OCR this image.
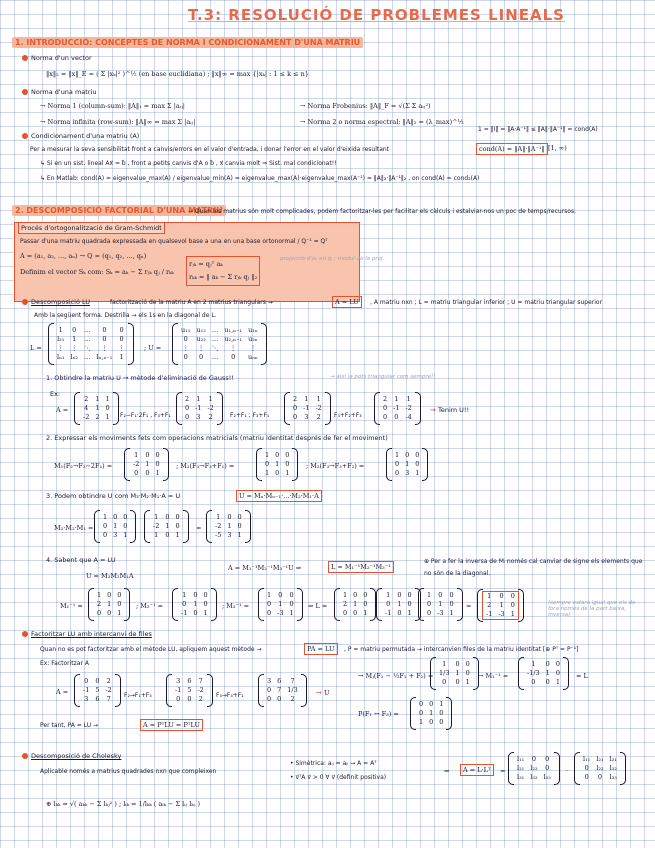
T.3: RESOLUCIÓ DE PROBLEMES LINEALS
1. INTRODUCCIÓ: CONCEPTES DE NORMA I CONDICIONAMENT D'UNA MATRIU
Norma d'un vector
‖x‖₂ = ‖x‖_E = ( Σ |xₖ|² )^½ (en base euclidiana) ; ‖x‖∞ = max {|xₖ| : 1 ≤ k ≤ n}
Norma d'una matriu
→ Norma 1 (column-sum): ‖A‖₁ = max Σ |aᵢⱼ|	→ Norma Frobenius: ‖A‖_F = √(Σ Σ aᵢⱼ²)
→ Norma infinita (row-sum): ‖A‖∞ = max Σ |aᵢⱼ|	→ Norma 2 o norma espectral: ‖A‖₂ = (λ_max)^½
1 = ‖I‖ = ‖A·A⁻¹‖ ≤ ‖A‖·‖A⁻¹‖ = cond(A)
Condicionament d'una matriu (A)
Per a mesurar la seva sensibilitat front a canvis/errors en el valor d'entrada, i donar l'error en el valor d'eixida resultant	cond(A) = ‖A‖·‖A⁻¹‖ [1, ∞)
↳ Si en un sist. lineal Ax⃗ = b⃗ , front a petits canvis d'A o b⃗ , x⃗ canvia molt ⇒ Sist. mal condicionat!!
↳ En Matlab: cond(A) = eigenvalue_max(A) / eigenvalue_min(A) = eigenvalue_max(A)·eigenvalue_max(A⁻¹) = ‖A‖₂·‖A⁻¹‖₂ , on cond(A) = cond₂(A)
2. DESCOMPOSICIÓ FACTORIAL D'UNA MATRIU
→ Quan les matrius són molt complicades, podem factoritzar-les per facilitar els càlculs i estalviar-nos un poc de temps/recursos.
Procés d'ortogonalització de Gram-Schmidt
Passar d'una matriu quadrada expressada en qualsevol base a una en una base ortonormal / Q⁻¹ = Qᵀ
A = (a₁, a₂, ..., aₙ) → Q = (q₁, q₂, ..., qₙ)
Definim el vector Sₖ com: Sₖ = aₖ − Σ rⱼₖ qⱼ / rₖₖ
rⱼₖ = qⱼᵀ aₖ
rₖₖ = ‖ aₖ − Σ rⱼₖ qⱼ ‖₂
projecció d'aₖ en qⱼ ; mòdul de la proj.
Descomposició LU	factorització de la matriu A en 2 matrius triangulars →	A = LU	, A matriu nxn ; L = matriu triangular inferior ; U = matriu triangular superior
Amb la següent forma. Destrilla → els 1s en la diagonal de L.
L =
1	0	…	0	0
l₂₁	1	…	0	0
⋮	⋮	⋱	⋮	⋮
lₙ₁	lₙ₂	…	lₙ,ₙ₋₁	1
; U =
u₁₁	u₁₂	…	u₁,ₙ₋₁	u₁ₙ
0	u₂₂	…	u₂,ₙ₋₁	u₂ₙ
⋮	⋮	⋱	⋮	⋮
0	0	…	0	uₙₙ
1. Obtindre la matriu U → mètode d'eliminació de Gauss!!	→ així ja pots triangular com sempre!!
Ex:
A =
2	1	1
4	1	0
-2	2	1 F₂−F₁·2F₁ , F₃+F₁
2	1	1
0	-1	-2
0	3	2	F₂+F₁ ; F₃+F₁
2	1	1
0	-1	-2
0	3	2 F₃+F₂+F₃
2	1	1
0	-1	-2
0	0	-4
→ Tenim U!!
2. Expressar els moviments fets com operacions matricials (matriu identitat després de fer el moviment)
M₁(F₂→F₂−2F₁) =
1	0	0
-2	1	0
0	0	1
; M₂(F₃→F₃+F₁) =
1	0	0
0	1	0
1	0	1
; M₃(F₃→F₃+F₂) =
1	0	0
0	1	0
0	3	1
3. Podem obtindre U com M₃·M₂·M₁·A = U	U = Mₙ·Mₙ₋₁·...·M₂·M₁·A
M₃·M₂·M₁ =
1	0	0
0	1	0
0	3	1
1	0	0
-2	1	0
1	0	1
=
1	0	0
-2	1	0
-5	3	1
4. Sabent que A = LU
U = M₃M₂M₁A
A = M₁⁻¹M₂⁻¹M₃⁻¹U ⇒	L = M₁⁻¹M₂⁻¹M₃⁻¹
⊕ Per a fer la inversa de Mᵢ només cal canviar de signe els elements que no són de la diagonal.
M₁⁻¹ =
1	0	0
2	1	0
0	0	1
; M₂⁻¹ =
1	0	0
0	1	0
-1	0	1
; M₃⁻¹ =
1	0	0
0	1	0
0	-3	1
⇒ L =
1	0	0
2	1	0
0	0	1
1	0	0
0	1	0
-1	0	1
1	0	0
0	1	0
0	-3	1
=
1	0	0
2	1	0
-1	-3	1
(sempre estarà igual que els de fora només de la part baixa, inversa)
Factoritzar LU amb intercanvi de files
Quan no es pot factoritzar amb el mètode LU, apliquem aquest mètode →	PA = LU	, P = matriu permutada → intercanvien files de la matriu identitat [⊕ Pᵀ = P⁻¹]
Ex: Factoritzar A
A =
0	0	2
-1	5	-2
3	6	7 F₂→F₁+F₃
3	6	7
-1	5	-2
0	0	2 F₃→F₃+F₁
3	6	7
0	7	1/3
0	0	2
→ U
→ Mⱼ(F₂ − ½F₁ + F₂) =
1	0	0
1/3	1	0
0	0	1
→ M₁⁻¹ =
1	0	0
-1/3	1	0
0	0	1
= L
P(F₁ ↔ F₃) =
0	0	1
0	1	0
1	0	0
Per tant, PA = LU →	A = PᵀLU = PᵀLU
Descomposició de Cholesky
Aplicable només a matrius quadrades nxn que compleixen
• Simètrica: aᵢⱼ = aⱼᵢ → A = Aᵀ
• v⃗ᵀA v⃗ > 0 ∀ v⃗ (definit positiva)
⇒	A = L·Lᵀ	=
l₁₁	0	0
l₂₁	l₂₂	0
l₃₁	l₃₂	l₃₃
·
l₁₁	l₂₁	l₃₁
0	l₂₂	l₃₂
0	0	l₃₃
⊕ lₖₖ = √( aₖₖ − Σ lₖⱼ² ) ; lᵢₖ = 1/lₖₖ ( aᵢₖ − Σ lᵢⱼ lₖⱼ )
